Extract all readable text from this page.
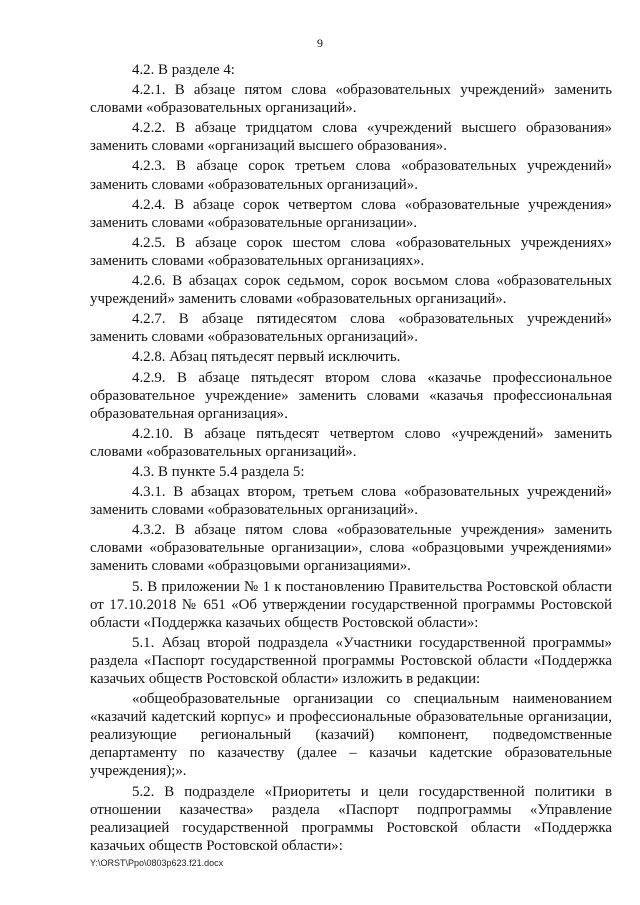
9

4.2. В разделе 4:

4.2.1. В абзаце пятом слова «образовательных учреждений» заменить словами «образовательных организаций».

4.2.2. В абзаце тридцатом слова «учреждений высшего образования» заменить словами «организаций высшего образования».

4.2.3. В абзаце сорок третьем слова «образовательных учреждений» заменить словами «образовательных организаций».

4.2.4. В абзаце сорок четвертом слова «образовательные учреждения» заменить словами «образовательные организации».

4.2.5. В абзаце сорок шестом слова «образовательных учреждениях» заменить словами «образовательных организациях».

4.2.6. В абзацах сорок седьмом, сорок восьмом слова «образовательных учреждений» заменить словами «образовательных организаций».

4.2.7. В абзаце пятидесятом слова «образовательных учреждений» заменить словами «образовательных организаций».

4.2.8. Абзац пятьдесят первый исключить.

4.2.9. В абзаце пятьдесят втором слова «казачье профессиональное образовательное учреждение» заменить словами «казачья профессиональная образовательная организация».

4.2.10. В абзаце пятьдесят четвертом слово «учреждений» заменить словами «образовательных организаций».

4.3. В пункте 5.4 раздела 5:

4.3.1. В абзацах втором, третьем слова «образовательных учреждений» заменить словами «образовательных организаций».

4.3.2. В абзаце пятом слова «образовательные учреждения» заменить словами «образовательные организации», слова «образцовыми учреждениями» заменить словами «образцовыми организациями».

5. В приложении № 1 к постановлению Правительства Ростовской области от 17.10.2018 № 651 «Об утверждении государственной программы Ростовской области «Поддержка казачьих обществ Ростовской области»:

5.1. Абзац второй подраздела «Участники государственной программы» раздела «Паспорт государственной программы Ростовской области «Поддержка казачьих обществ Ростовской области» изложить в редакции:

«общеобразовательные организации со специальным наименованием «казачий кадетский корпус» и профессиональные образовательные организации, реализующие региональный (казачий) компонент, подведомственные департаменту по казачеству (далее – казачьи кадетские образовательные учреждения);».

5.2. В подразделе «Приоритеты и цели государственной политики в отношении казачества» раздела «Паспорт подпрограммы «Управление реализацией государственной программы Ростовской области «Поддержка казачьих обществ Ростовской области»:

Y:\ORST\Ppo\0803p623.f21.docx
